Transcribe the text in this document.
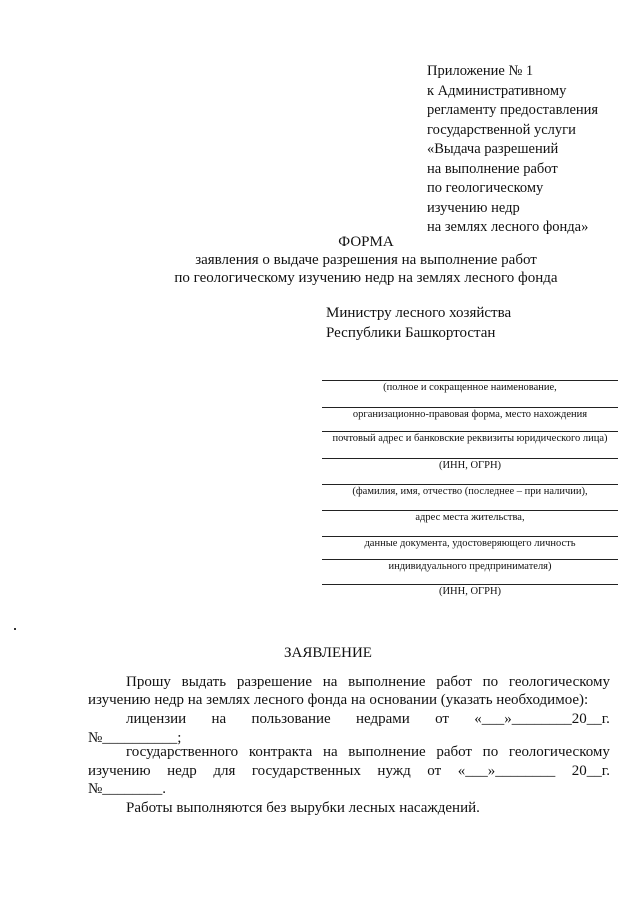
Приложение № 1
к Административному
регламенту предоставления
государственной услуги
«Выдача разрешений
на выполнение работ
по геологическому
изучению недр
на землях лесного фонда»
ФОРМА
заявления о выдаче разрешения на выполнение работ
по геологическому изучению недр на землях лесного фонда
Министру лесного хозяйства
Республики Башкортостан
(полное и сокращенное наименование,
организационно-правовая форма, место нахождения
почтовый адрес и банковские реквизиты юридического лица)
(ИНН, ОГРН)
(фамилия, имя, отчество (последнее – при наличии),
адрес места жительства,
данные документа, удостоверяющего личность
индивидуального предпринимателя)
(ИНН, ОГРН)
ЗАЯВЛЕНИЕ
Прошу выдать разрешение на выполнение работ по геологическому
изучению недр на землях лесного фонда на основании (указать необходимое):
лицензии на пользование недрами от «___»________20__г.
№__________;
государственного контракта на выполнение работ по геологическому
изучению недр для государственных нужд от «___»________ 20__г.
№________.
Работы выполняются без вырубки лесных насаждений.
